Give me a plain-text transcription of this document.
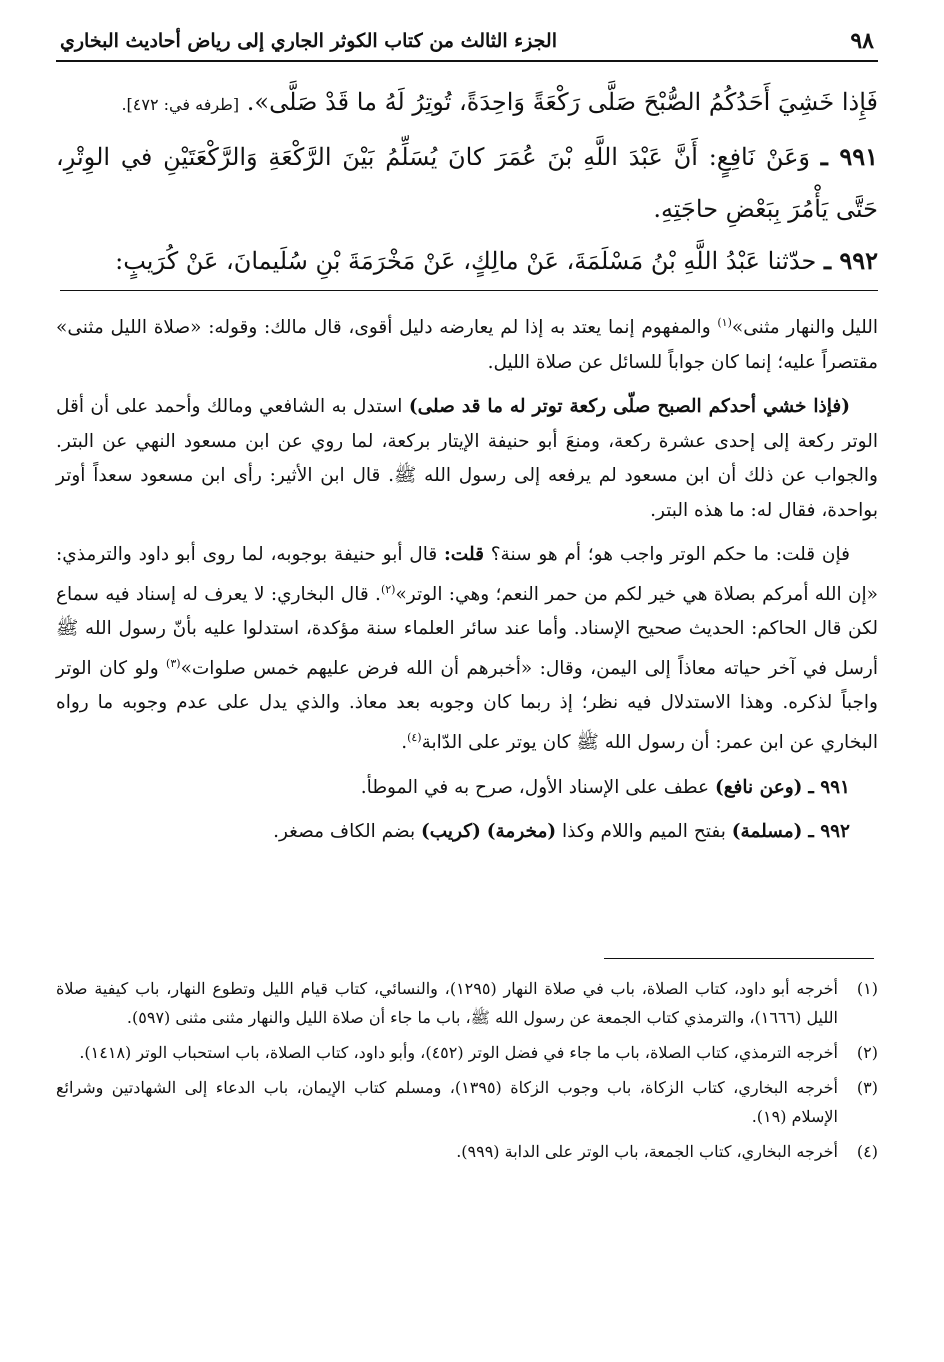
٩٨
الجزء الثالث من كتاب الكوثر الجاري إلى رياض أحاديث البخاري

فَإِذا خَشِيَ أَحَدُكُمُ الصُّبْحَ صَلَّى رَكْعَةً وَاحِدَةً، تُوتِرُ لَهُ ما قَدْ صَلَّى». [طرفه في: ٤٧٢].

٩٩١ ـ وَعَنْ نَافِعٍ: أَنَّ عَبْدَ اللَّهِ بْنَ عُمَرَ كانَ يُسَلِّمُ بَيْنَ الرَّكْعَةِ وَالرَّكْعَتَيْنِ في الوِتْرِ، حَتَّى يَأْمُرَ بِبَعْضِ حاجَتِهِ.

٩٩٢ ـ حدّثنا عَبْدُ اللَّهِ بْنُ مَسْلَمَةَ، عَنْ مالِكٍ، عَنْ مَخْرَمَةَ بْنِ سُلَيمانَ، عَنْ كُرَيبٍ:

الليل والنهار مثنى»$^{(١)}$ والمفهوم إنما يعتد به إذا لم يعارضه دليل أقوى، قال مالك: وقوله: «صلاة الليل مثنى» مقتصراً عليه؛ إنما كان جواباً للسائل عن صلاة الليل.

(فإذا خشي أحدكم الصبح صلّى ركعة توتر له ما قد صلى) استدل به الشافعي ومالك وأحمد على أن أقل الوتر ركعة إلى إحدى عشرة ركعة، ومنعَ أبو حنيفة الإيتار بركعة، لما روي عن ابن مسعود النهي عن البتر. والجواب عن ذلك أن ابن مسعود لم يرفعه إلى رسول الله ﷺ. قال ابن الأثير: رأى ابن مسعود سعداً أوتر بواحدة، فقال له: ما هذه البتر.

فإن قلت: ما حكم الوتر واجب هو؛ أم هو سنة؟ قلت: قال أبو حنيفة بوجوبه، لما روى أبو داود والترمذي: «إن الله أمركم بصلاة هي خير لكم من حمر النعم؛ وهي: الوتر»$^{(٢)}$. قال البخاري: لا يعرف له إسناد فيه سماع لكن قال الحاكم: الحديث صحيح الإسناد. وأما عند سائر العلماء سنة مؤكدة، استدلوا عليه بأنّ رسول الله ﷺ أرسل في آخر حياته معاذاً إلى اليمن، وقال: «أخبرهم أن الله فرض عليهم خمس صلوات»$^{(٣)}$ ولو كان الوتر واجباً لذكره. وهذا الاستدلال فيه نظر؛ إذ ربما كان وجوبه بعد معاذ. والذي يدل على عدم وجوبه ما رواه البخاري عن ابن عمر: أن رسول الله ﷺ كان يوتر على الدّابة$^{(٤)}$.

٩٩١ ـ (وعن نافع) عطف على الإسناد الأول، صرح به في الموطأ.

٩٩٢ ـ (مسلمة) بفتح الميم واللام وكذا (مخرمة) (كريب) بضم الكاف مصغر.

(١)
أخرجه أبو داود، كتاب الصلاة، باب في صلاة النهار (١٢٩٥)، والنسائي، كتاب قيام الليل وتطوع النهار، باب كيفية صلاة الليل (١٦٦٦)، والترمذي كتاب الجمعة عن رسول الله ﷺ، باب ما جاء أن صلاة الليل والنهار مثنى مثنى (٥٩٧).
(٢)
أخرجه الترمذي، كتاب الصلاة، باب ما جاء في فضل الوتر (٤٥٢)، وأبو داود، كتاب الصلاة، باب استحباب الوتر (١٤١٨).
(٣)
أخرجه البخاري، كتاب الزكاة، باب وجوب الزكاة (١٣٩٥)، ومسلم كتاب الإيمان، باب الدعاء إلى الشهادتين وشرائع الإسلام (١٩).
(٤)
أخرجه البخاري، كتاب الجمعة، باب الوتر على الدابة (٩٩٩).
